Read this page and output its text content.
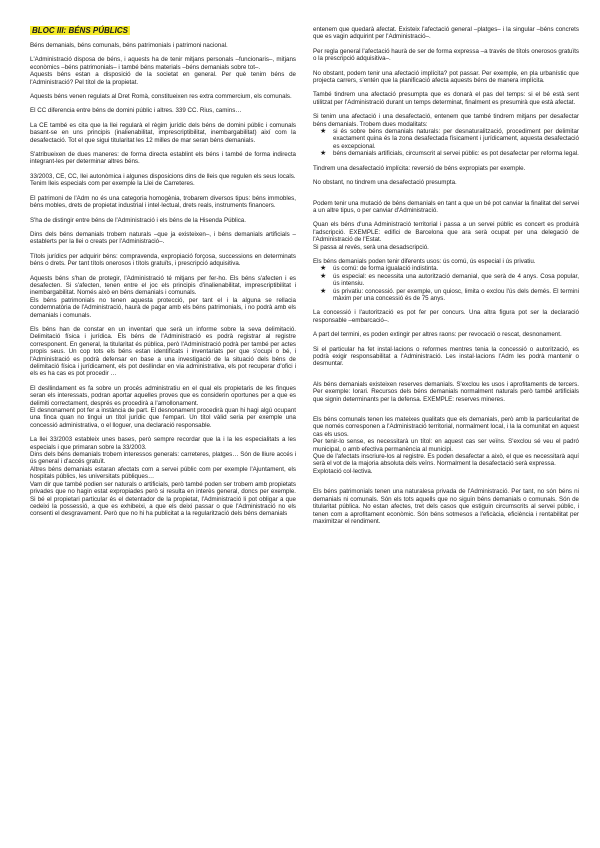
BLOC III: BÉNS PÚBLICS

Béns demanials, béns comunals, béns patrimonials i patrimoni nacional.

L'Administració disposa de béns, i aquests ha de tenir mitjans personals –funcionaris–, mitjans econòmics –béns patrimonials– i també béns materials –béns demanials sobre tot–.

Aquests béns estan a disposició de la societat en general. Per què tenim béns de l'Administració? Pel títol de la propietat.

Aquests béns venen regulats al Dret Romà, constitueixen res extra commercium, els comunals.

El CC diferencia entre béns de domini públic i altres. 339 CC. Rius, camins…

La CE també es cita que la llei regularà el règim jurídic dels béns de domini públic i comunals basant-se en uns principis (inalienabilitat, imprescriptibilitat, inembargabilitat) així com la desafectació. Tot el que sigui titularitat les 12 milles de mar seran béns demanials.

S'atribueixen de dues maneres: de forma directa establint els béns i també de forma indirecta integrant-les per determinar altres béns.

33/2003, CE, CC, llei autonòmica i algunes disposicions dins de lleis que regulen els seus locals.

Tenim lleis especials com per exemple la Llei de Carreteres.

El patrimoni de l'Adm no és una categoria homogènia, trobarem diversos tipus: béns immobles, béns mobles, drets de propietat industrial i intel·lectual, drets reals, instruments financers.

S'ha de distingir entre béns de l'Administració i els béns de la Hisenda Pública.

Dins dels béns demanials trobem naturals –que ja existeixen–, i béns demanials artificials –establerts per la llei o creats per l'Administració–.

Títols jurídics per adquirir béns: compravenda, expropiació forçosa, successions en determinats béns o drets. Per tant títols onerosos i títols gratuïts, i prescripció adquisitiva.

Aquests béns s'han de protegir, l'Administració té mitjans per fer-ho. Els béns s'afecten i es desafecten. Si s'afecten, tenen entre el joc els principis d'inalienabilitat, imprescriptibilitat i inembargabilitat. Només això en béns demanials i comunals.

Els béns patrimonials no tenen aquesta protecció, per tant el i la alguna se rellacia condemnatòria de l'Administració, haurà de pagar amb els béns patrimonials, i no podrà amb els demanials i comunals.

Els béns han de constar en un inventari que serà un informe sobre la seva delimitació. Delimitació física i jurídica. Els béns de l'Administració es podrà registrar al registre corresponent. En general, la titularitat és pública, però l'Administració podrà per també per actes propis seus. Un cop tots els béns estan identificats i inventariats per que s'ocupi o bé, i l'Administració es podrà defensar en base a una investigació de la situació dels béns de delimitació física i jurídicament, els pot desllindar en via administrativa, els pot recuperar d'ofici i els es ha cas es pot procedir …

El desllindament es fa sobre un procés administratiu en el qual els propietaris de les finques seran els interessats, podran aportar aquelles proves que es considerin oportunes per a que es delimiti correctament, després es procedirà a l'amollonament.

El desnonament pot fer a instància de part. El desnonament procedirà quan hi hagi algú ocupant una finca quan no tingui un títol jurídic que l'empari. Un títol vàlid seria per exemple una concessió administrativa, o el lloguer, una declaració responsable.

La llei 33/2003 estableix unes bases, però sempre recordar que la i la les especialitats a les especials i que primaran sobre la 33/2003.

Dins dels béns demanials trobem interessos generals: carreteres, platges… Són de lliure accés i ús general i d'accés gratuït.

Altres béns demanials estaran afectats com a servei públic com per exemple l'Ajuntament, els hospitals públics, les universitats públiques…

Vam dir que també podien ser naturals o artificials, però també poden ser trobem amb propietats privades que no hagin estat expropiades però si resulta en interès general, doncs per exemple. Si bé el propietari particular és el detentador de la propietat, l'Administració li pot obligar a que cedeixi la possessió, a que es exhibeixi, a que els deixi passar o que l'Administració no els consenti el desgravament. Però que no hi ha publicitat a la regularització dels béns demanials

entenem que quedarà afectat. Existeix l'afectació general –platges– i la singular –béns concrets que es vagin adquirint per l'Administració–.

Per regla general l'afectació haurà de ser de forma expressa –a través de títols onerosos gratuïts o la prescripció adquisitiva–.

No obstant, podem tenir una afectació implícita? pot passar. Per exemple, en pla urbanístic que projecta carrers, s'entén que la planificació afecta aquests béns de manera implícita.

També tindrem una afectació presumpta que es donarà el pas del temps: si el bé està sent utilitzat per l'Administració durant un temps determinat, finalment es presumirà que està afectat.

Si tenim una afectació i una desafectació, entenem que també tindrem mitjans per desafectar béns demanials. Trobem dues modalitats:

★ si és sobre béns demanials naturals: per desnaturalització, procediment per delimitar exactament quina és la zona desafectada físicament i jurídicament, aquesta desafectació es excepcional.
★ béns demanials artificials, circumscrit al servei públic: es pot desafectar per reforma legal.

Tindrem una desafectació implícita: reversió de béns expropiats per exemple.

No obstant, no tindrem una desafectació presumpta.

Podem tenir una mutació de béns demanials en tant a que un bé pot canviar la finalitat del servei a un altre tipus, o per canviar d'Administració.

Quan els béns d'una Administració territorial i passa a un servei públic es concert es produirà l'adscripció. EXEMPLE: edifici de Barcelona que ara serà ocupat per una delegació de l'Administració de l'Estat.

Si passa al revés, serà una desadscripció.

Els béns demanials poden tenir diferents usos: ús comú, ús especial i ús privatiu.

★ ús comú: de forma igualació indistinta.
★ ús especial: es necessita una autorització demanial, que serà de 4 anys. Cosa popular, ús intensiu.
★ ús privatiu: concessió. per exemple, un quiosc, limita o exclou l'ús dels demés. El termini màxim per una concessió és de 75 anys.

La concessió i l'autorització es pot fer per concurs. Una altra figura pot ser la declaració responsable –embarcació–.

A part del termini, es poden extingir per altres raons: per revocació o rescat, desnonament.

Si el particular ha fet instal·lacions o reformes mentres tenia la concessió o autorització, es podrà exigir responsabilitat a l'Administració. Les instal·lacions l'Adm les podrà mantenir o desmuntar.

Als béns demanials existeixen reserves demanials. S'exclou les usos i aprofitaments de tercers. Per exemple: Iorari. Recursos dels béns demanials normalment naturals però també artificials que signin determinants per la defensa. EXEMPLE: reserves mineres.

Els béns comunals tenen les mateixes qualitats que els demanials, però amb la particularitat de que només corresponen a l'Administració territorial, normalment local, i la la comunitat en aquest cas els usos.

Per tenir-lo sense, es necessitarà un títol: en aquest cas ser veïns. S'exclou sé veu el padró municipal, o amb efectiva permanència al municipi.

Que de l'afectats inscriure-los al registre. Es poden desafectar a això, el que es necessitarà aquí serà el vot de la majoria absoluta dels veïns. Normalment la desafectació serà expressa.

Explotació col·lectiva.

Els béns patrimonials tenen una naturalesa privada de l'Administració. Per tant, no són béns ni demanials ni comunals. Són els tots aquells que no siguin béns demanials o comunals. Són de titularitat pública. No estan afectes, tret dels casos que estiguin circumscrits al servei públic, i tenen com a aprofitament econòmic. Són béns sotmesos a l'eficàcia, eficiència i rentabilitat per maximitzar el rendiment.
